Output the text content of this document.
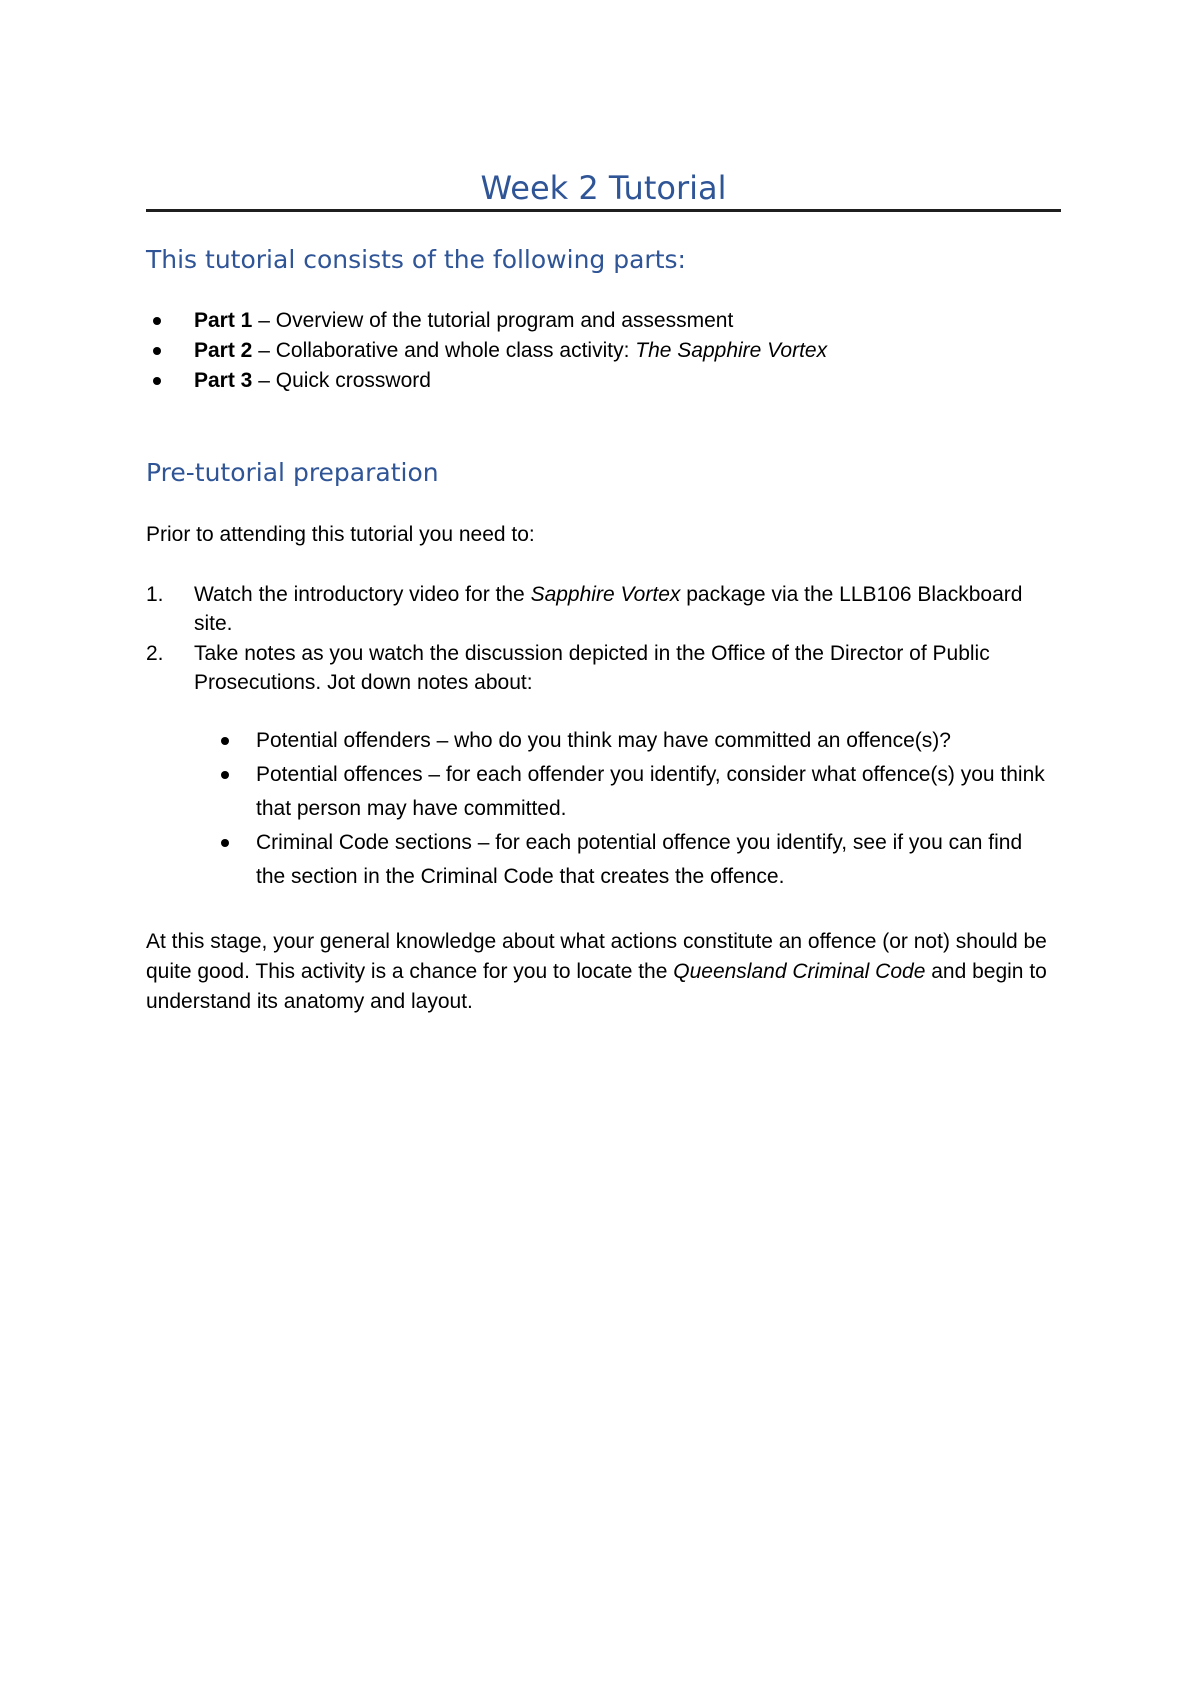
Week 2 Tutorial
This tutorial consists of the following parts:
Part 1 – Overview of the tutorial program and assessment
Part 2 – Collaborative and whole class activity: The Sapphire Vortex
Part 3 – Quick crossword
Pre-tutorial preparation

Prior to attending this tutorial you need to:

1. Watch the introductory video for the Sapphire Vortex package via the LLB106 Blackboard site.
2. Take notes as you watch the discussion depicted in the Office of the Director of Public Prosecutions. Jot down notes about:
Potential offenders – who do you think may have committed an offence(s)?
Potential offences – for each offender you identify, consider what offence(s) you think that person may have committed.
Criminal Code sections – for each potential offence you identify, see if you can find the section in the Criminal Code that creates the offence.

At this stage, your general knowledge about what actions constitute an offence (or not) should be quite good. This activity is a chance for you to locate the Queensland Criminal Code and begin to understand its anatomy and layout.
